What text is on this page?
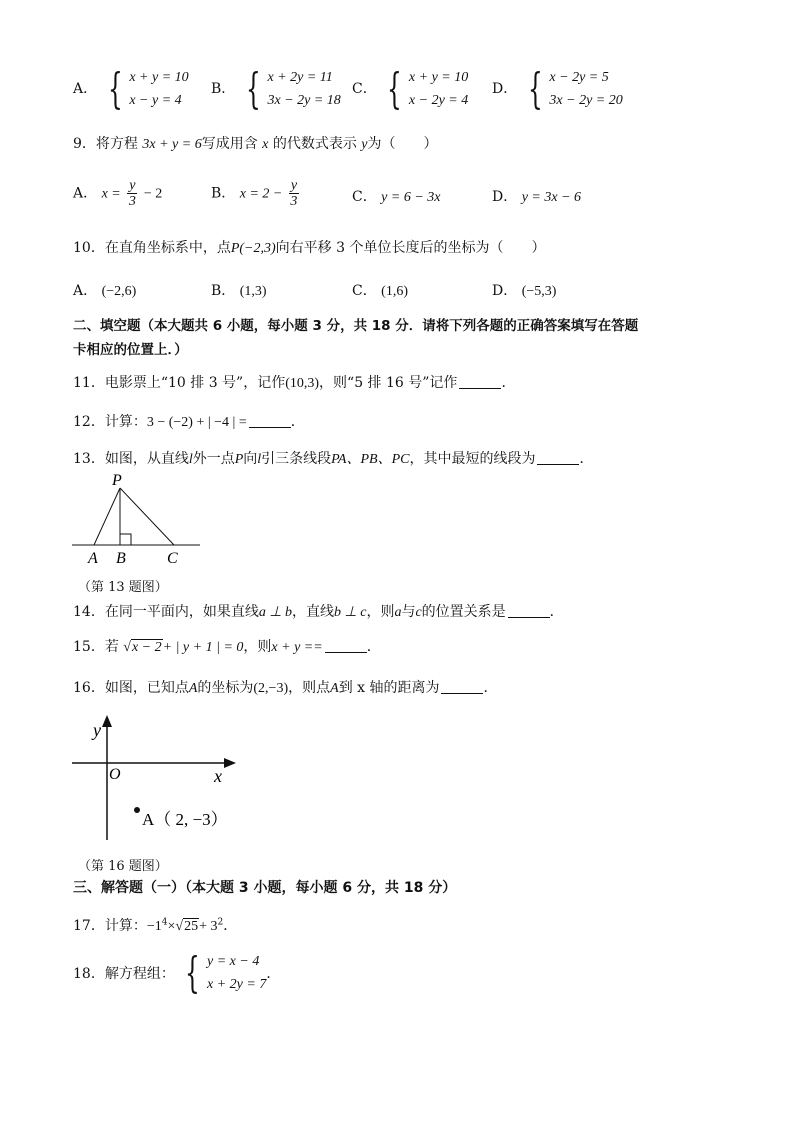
A． { x + y = 10
x − y = 4
B． { x + 2y = 11
3x − 2y = 18
C． { x + y = 10
x − 2y = 4
D． { x − 2y = 5
3x − 2y = 20
9．将方程 3x + y = 6写成用含 x 的代数式表示 y为（　　）
A． $x = \frac{y}{3} - 2$	B． $x = 2 - \frac{y}{3}$	C． y = 6 − 3x	D． y = 3x − 6
10．在直角坐标系中，点P(−2,3)向右平移 3 个单位长度后的坐标为（　　）
A． (−2,6)	B． (1,3)	C． (1,6)	D． (−5,3)
二、填空题（本大题共 6 小题，每小题 3 分，共 18 分．请将下列各题的正确答案填写在答题
卡相应的位置上．）
11．电影票上“10 排 3 号”，记作(10,3)，则“5 排 16 号”记作	．
12．计算：3 − (−2) + | −4 | =	．
13．如图，从直线l外一点P向l引三条线段PA、PB、PC，其中最短的线段为	．
P
A B	C
（第 13 题图）
14．在同一平面内，如果直线a ⊥ b，直线b ⊥ c，则a与c的位置关系是	．
15．若 √x − 2+ | y + 1 | = 0，则x + y ==	．
16．如图，已知点A的坐标为(2,−3)，则点A到 x 轴的距离为	．
y
x
O
A（ 2, −3）
（第 16 题图）
三、解答题（一）（本大题 3 小题，每小题 6 分，共 18 分）
17．计算：$-1^4\times√25+ 3^2$．
18．解方程组： { y = x − 4
x + 2y = 7
．
